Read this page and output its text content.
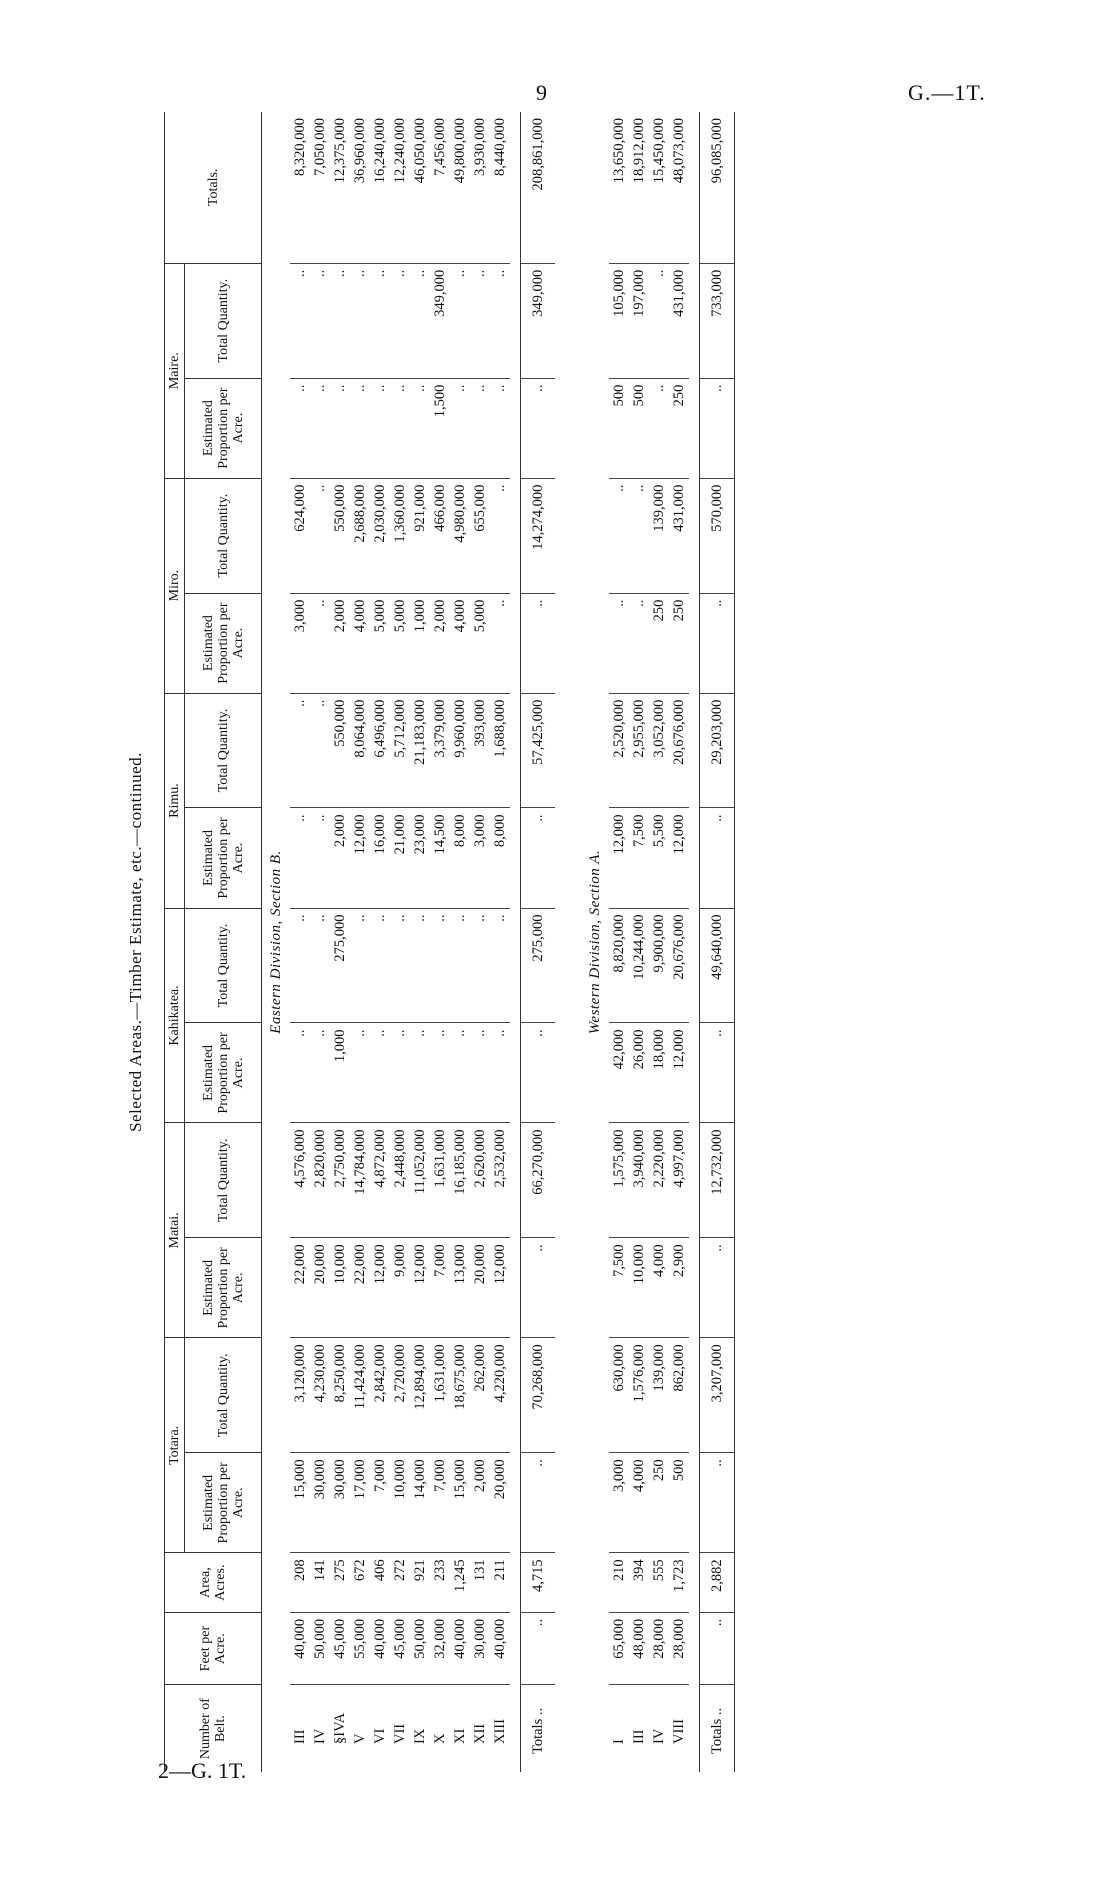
9	G.—1T.
2—G. 1T.
Selected Areas.—Timber Estimate, etc.—continued.
Number of Belt.	Feet per Acre.	Area, Acres.	Totara.		Matai.		Kahikatea.		Rimu.		Miro.		Maire.		Totals.
			Estimated Proportion per Acre.	Total Quantity.	Estimated Proportion per Acre.	Total Quantity.	Estimated Proportion per Acre.	Total Quantity.	Estimated Proportion per Acre.	Total Quantity.	Estimated Proportion per Acre.	Total Quantity.	Estimated Proportion per Acre.	Total Quantity.	
Eastern Division, Section B.															
III	40,000	208	15,000	3,120,000	22,000	4,576,000	..	..	..	..	3,000	624,000	..	..	8,320,000
IV	50,000	141	30,000	4,230,000	20,000	2,820,000	..	..	..	..	..	..	..	..	7,050,000
§IVA	45,000	275	30,000	8,250,000	10,000	2,750,000	1,000	275,000	2,000	550,000	2,000	550,000	..	..	12,375,000
V	55,000	672	17,000	11,424,000	22,000	14,784,000	..	..	12,000	8,064,000	4,000	2,688,000	..	..	36,960,000
VI	40,000	406	7,000	2,842,000	12,000	4,872,000	..	..	16,000	6,496,000	5,000	2,030,000	..	..	16,240,000
VII	45,000	272	10,000	2,720,000	9,000	2,448,000	..	..	21,000	5,712,000	5,000	1,360,000	..	..	12,240,000
IX	50,000	921	14,000	12,894,000	12,000	11,052,000	..	..	23,000	21,183,000	1,000	921,000	..	..	46,050,000
X	32,000	233	7,000	1,631,000	7,000	1,631,000	..	..	14,500	3,379,000	2,000	466,000	1,500	349,000	7,456,000
XI	40,000	1,245	15,000	18,675,000	13,000	16,185,000	..	..	8,000	9,960,000	4,000	4,980,000	..	..	49,800,000
XII	30,000	131	2,000	262,000	20,000	2,620,000	..	..	3,000	393,000	5,000	655,000	..	..	3,930,000
XIII	40,000	211	20,000	4,220,000	12,000	2,532,000	..	..	8,000	1,688,000	..	..	..	..	8,440,000

Totals ..	..	4,715	..	70,268,000	..	66,270,000	..	275,000	..	57,425,000	..	14,274,000	..	349,000	208,861,000

Western Division, Section A.															
I	65,000	210	3,000	630,000	7,500	1,575,000	42,000	8,820,000	12,000	2,520,000	..	..	500	105,000	13,650,000
III	48,000	394	4,000	1,576,000	10,000	3,940,000	26,000	10,244,000	7,500	2,955,000	..	..	500	197,000	18,912,000
IV	28,000	555	250	139,000	4,000	2,220,000	18,000	9,900,000	5,500	3,052,000	250	139,000	..	..	15,450,000
VIII	28,000	1,723	500	862,000	2,900	4,997,000	12,000	20,676,000	12,000	20,676,000	250	431,000	250	431,000	48,073,000

Totals ..	..	2,882	..	3,207,000	..	12,732,000	..	49,640,000	..	29,203,000	..	570,000	..	733,000	96,085,000
